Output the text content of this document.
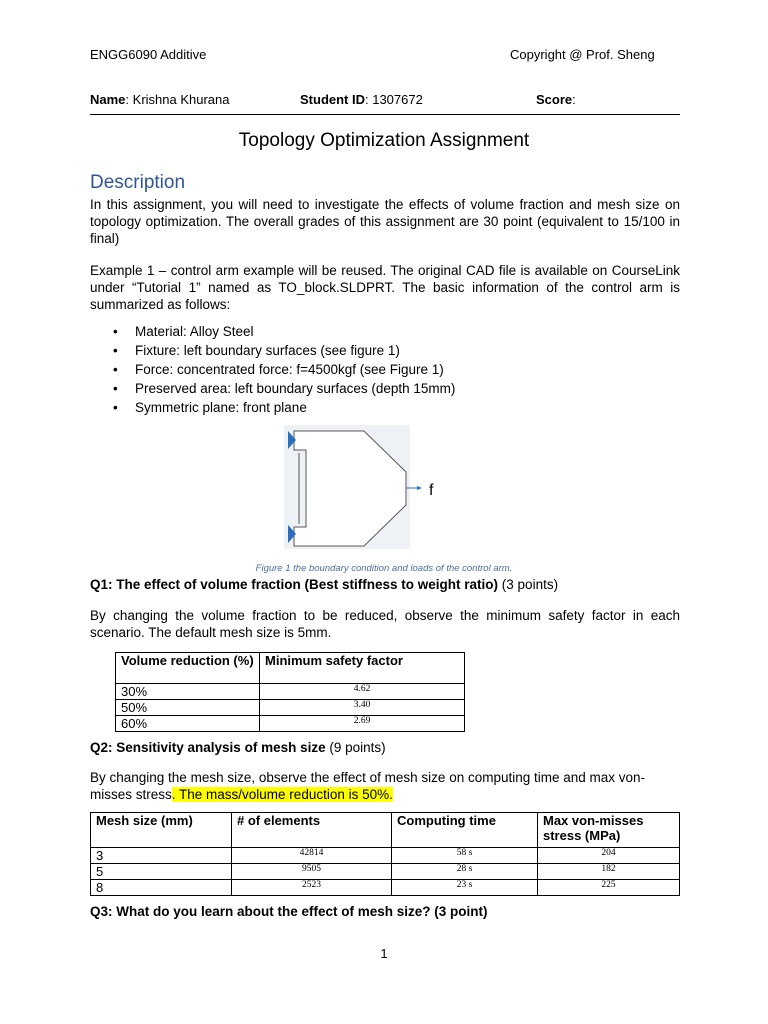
ENGG6090 Additive	Copyright @ Prof. Sheng
Name: Krishna Khurana	Student ID: 1307672	Score:
Topology Optimization Assignment
Description
In this assignment, you will need to investigate the effects of volume fraction and mesh size on topology optimization. The overall grades of this assignment are 30 point (equivalent to 15/100 in final)
Example 1 – control arm example will be reused. The original CAD file is available on CourseLink under “Tutorial 1” named as TO_block.SLDPRT. The basic information of the control arm is summarized as follows:
• Material: Alloy Steel
• Fixture: left boundary surfaces (see figure 1)
• Force: concentrated force: f=4500kgf (see Figure 1)
• Preserved area: left boundary surfaces (depth 15mm)
• Symmetric plane: front plane
f
Figure 1 the boundary condition and loads of the control arm.
Q1: The effect of volume fraction (Best stiffness to weight ratio) (3 points)
By changing the volume fraction to be reduced, observe the minimum safety factor in each scenario. The default mesh size is 5mm.
Volume reduction (%)	Minimum safety factor
30%	4.62
50%	3.40
60%	2.69
Q2: Sensitivity analysis of mesh size (9 points)
By changing the mesh size, observe the effect of mesh size on computing time and max von-misses stress. The mass/volume reduction is 50%.
Mesh size (mm)	# of elements	Computing time	Max von-misses stress (MPa)
3	42814	58 s	204
5	9505	28 s	182
8	2523	23 s	225
Q3: What do you learn about the effect of mesh size? (3 point)
1
